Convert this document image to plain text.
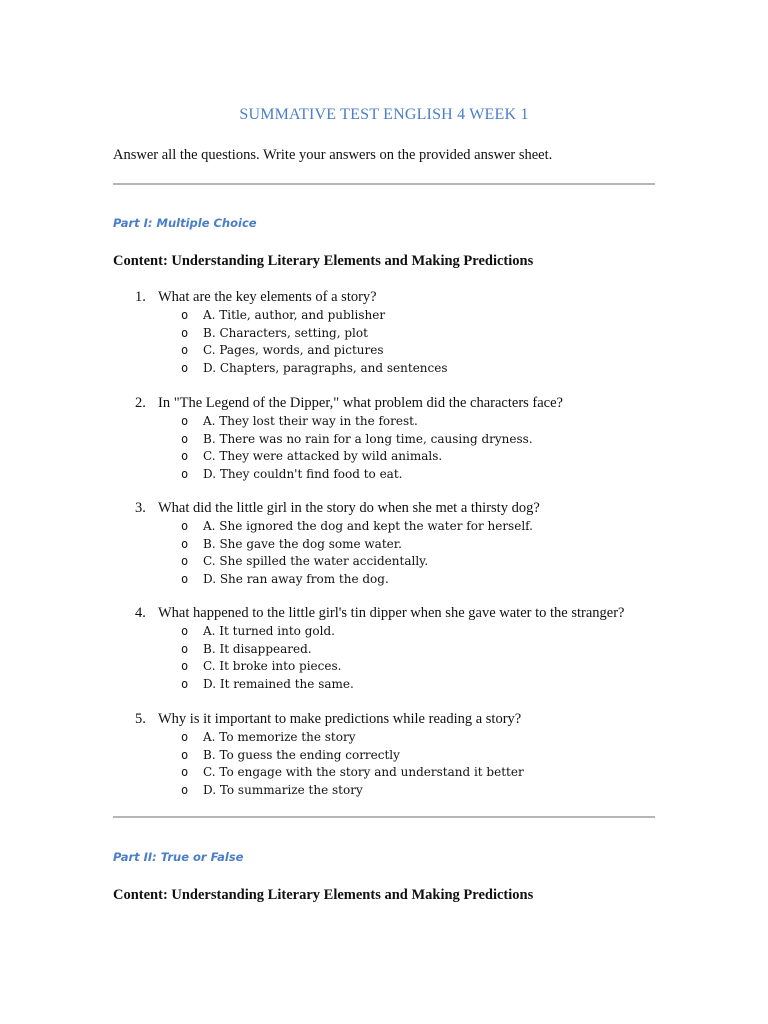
SUMMATIVE TEST ENGLISH 4 WEEK 1
Answer all the questions. Write your answers on the provided answer sheet.
Part I: Multiple Choice
Content: Understanding Literary Elements and Making Predictions
1. What are the key elements of a story?
o A. Title, author, and publisher
o B. Characters, setting, plot
o C. Pages, words, and pictures
o D. Chapters, paragraphs, and sentences
2. In "The Legend of the Dipper," what problem did the characters face?
o A. They lost their way in the forest.
o B. There was no rain for a long time, causing dryness.
o C. They were attacked by wild animals.
o D. They couldn't find food to eat.
3. What did the little girl in the story do when she met a thirsty dog?
o A. She ignored the dog and kept the water for herself.
o B. She gave the dog some water.
o C. She spilled the water accidentally.
o D. She ran away from the dog.
4. What happened to the little girl's tin dipper when she gave water to the stranger?
o A. It turned into gold.
o B. It disappeared.
o C. It broke into pieces.
o D. It remained the same.
5. Why is it important to make predictions while reading a story?
o A. To memorize the story
o B. To guess the ending correctly
o C. To engage with the story and understand it better
o D. To summarize the story
Part II: True or False
Content: Understanding Literary Elements and Making Predictions
